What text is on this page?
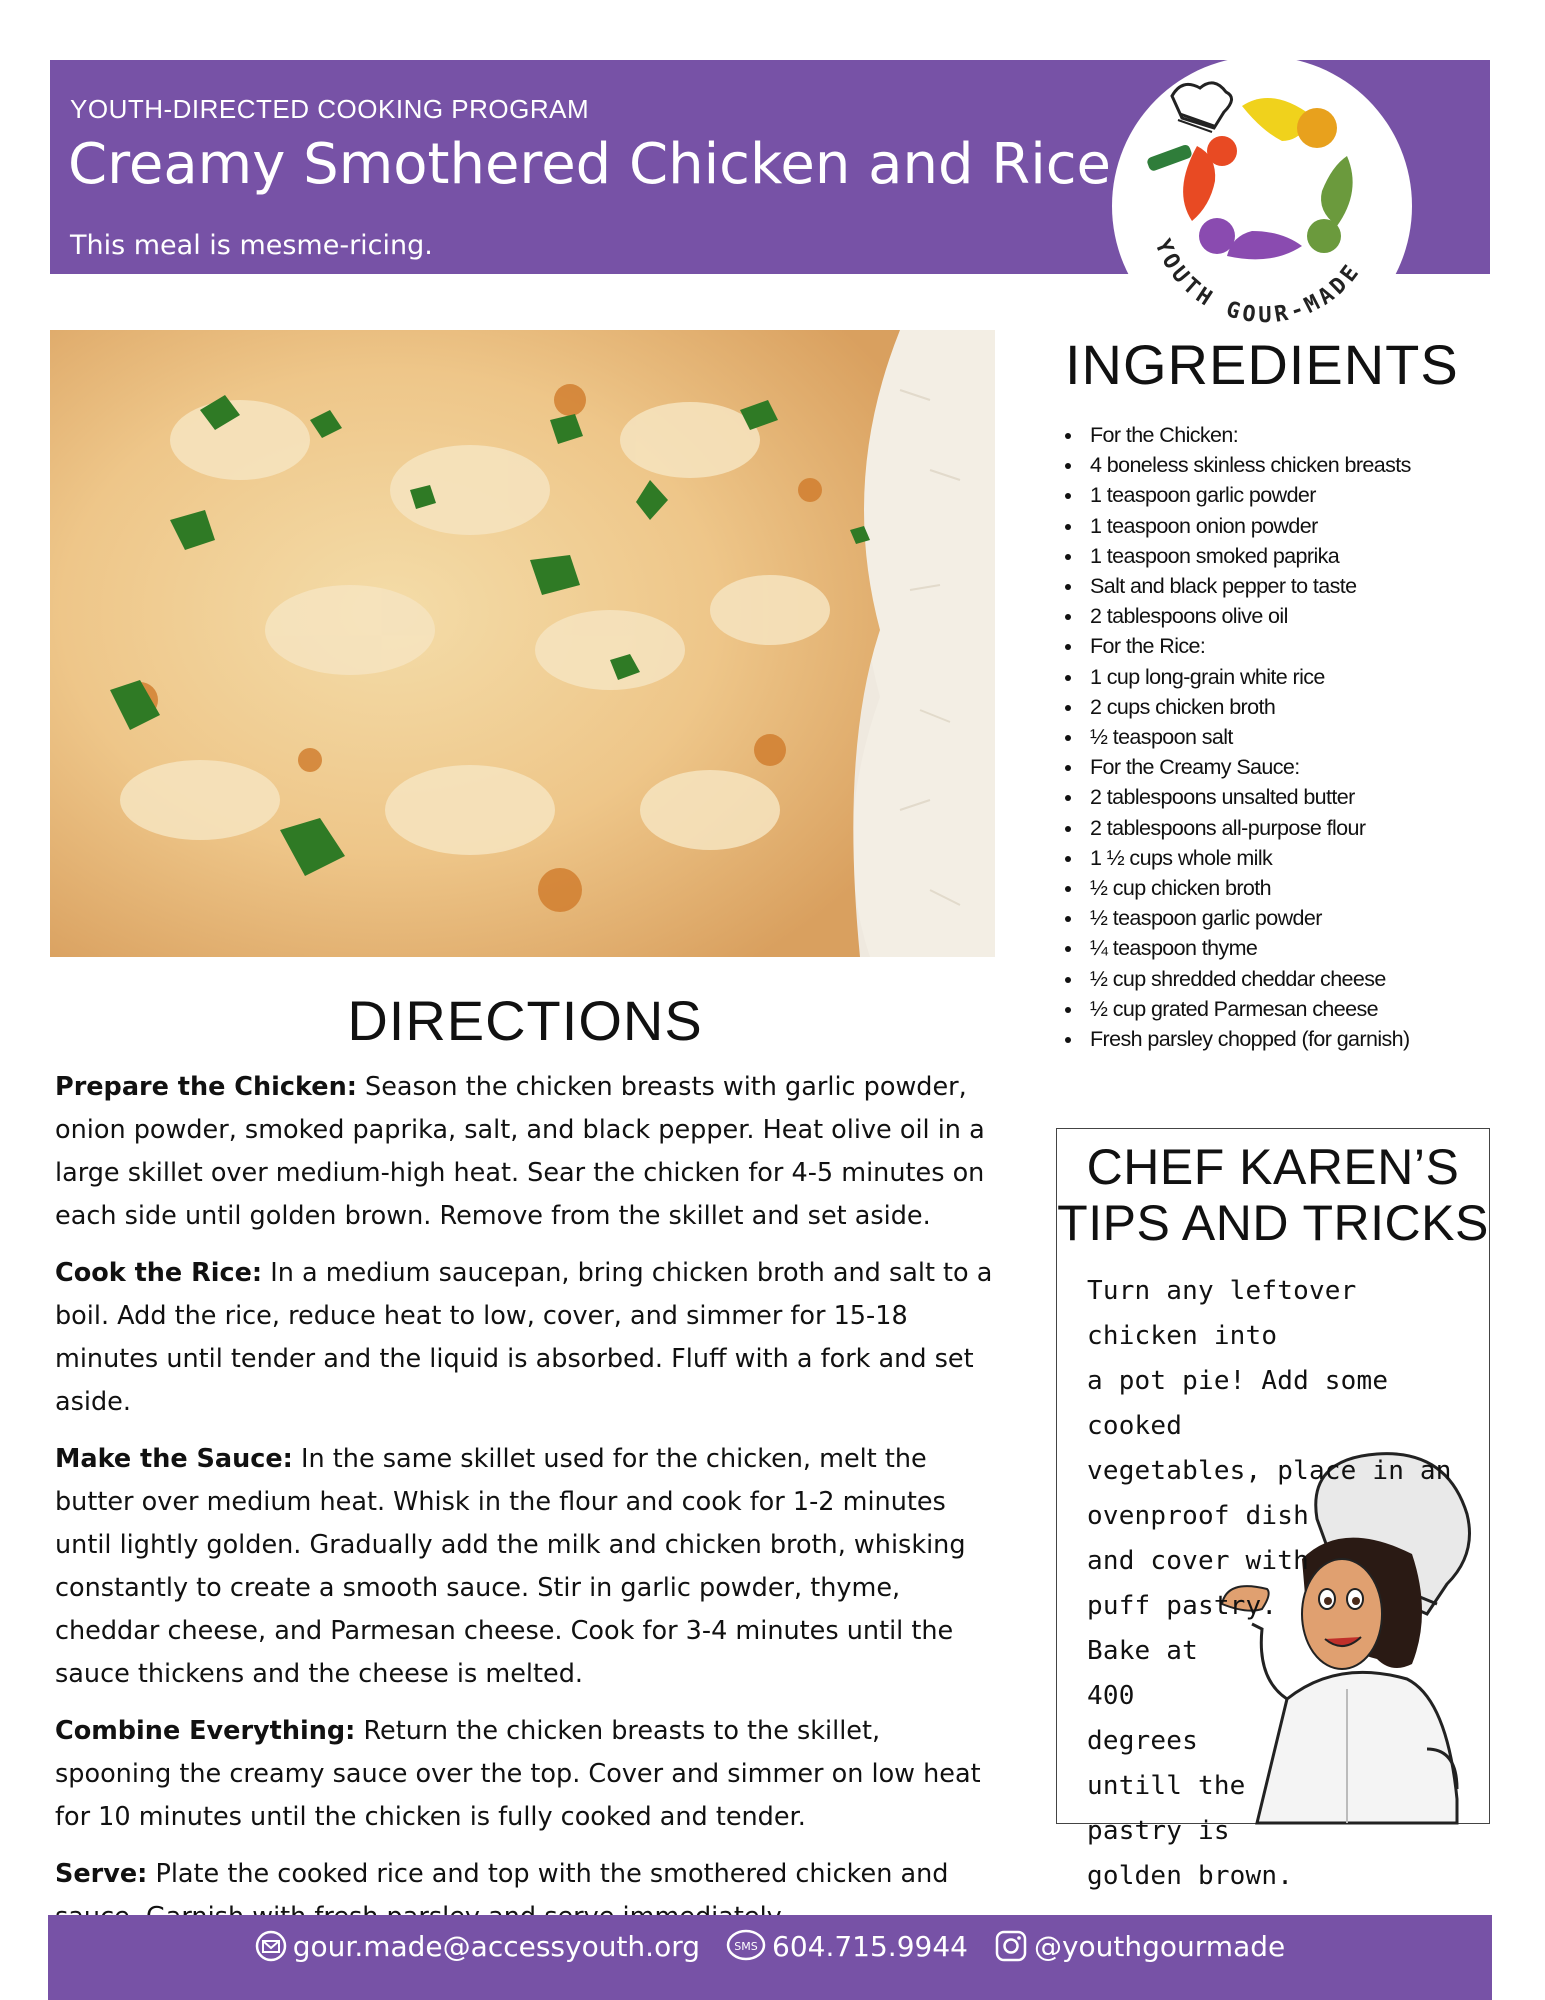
YOUTH-DIRECTED COOKING PROGRAM
Creamy Smothered Chicken and Rice
This meal is mesme-ricing.	YOUTH GOUR-MADE
INGREDIENTS
• For the Chicken:
• 4 boneless skinless chicken breasts
• 1 teaspoon garlic powder
• 1 teaspoon onion powder
• 1 teaspoon smoked paprika
• Salt and black pepper to taste
• 2 tablespoons olive oil
• For the Rice:
• 1 cup long-grain white rice
• 2 cups chicken broth
• ½ teaspoon salt
• For the Creamy Sauce:
• 2 tablespoons unsalted butter
• 2 tablespoons all-purpose flour
• 1 ½ cups whole milk
• ½ cup chicken broth
• ½ teaspoon garlic powder
• ¼ teaspoon thyme
• ½ cup shredded cheddar cheese
• ½ cup grated Parmesan cheese
• Fresh parsley chopped (for garnish)
DIRECTIONS

Prepare the Chicken: Season the chicken breasts with garlic powder, onion powder, smoked paprika, salt, and black pepper. Heat olive oil in a large skillet over medium-high heat. Sear the chicken for 4-5 minutes on each side until golden brown. Remove from the skillet and set aside.

Cook the Rice: In a medium saucepan, bring chicken broth and salt to a boil. Add the rice, reduce heat to low, cover, and simmer for 15-18 minutes until tender and the liquid is absorbed. Fluff with a fork and set aside.

Make the Sauce: In the same skillet used for the chicken, melt the butter over medium heat. Whisk in the flour and cook for 1-2 minutes until lightly golden. Gradually add the milk and chicken broth, whisking constantly to create a smooth sauce. Stir in garlic powder, thyme, cheddar cheese, and Parmesan cheese. Cook for 3-4 minutes until the sauce thickens and the cheese is melted.

Combine Everything: Return the chicken breasts to the skillet, spooning the creamy sauce over the top. Cover and simmer on low heat for 10 minutes until the chicken is fully cooked and tender.

Serve: Plate the cooked rice and top with the smothered chicken and

CHEF KAREN’S
TIPS AND TRICKS
Turn any leftover chicken into
a pot pie! Add some cooked
vegetables, place in an
ovenproof dish
and cover with
puff pastry.
Bake at
400
degrees
untill the
pastry is
golden brown.
gour.made@accessyouth.org	SMS 604.715.9944 @youthgourmade
